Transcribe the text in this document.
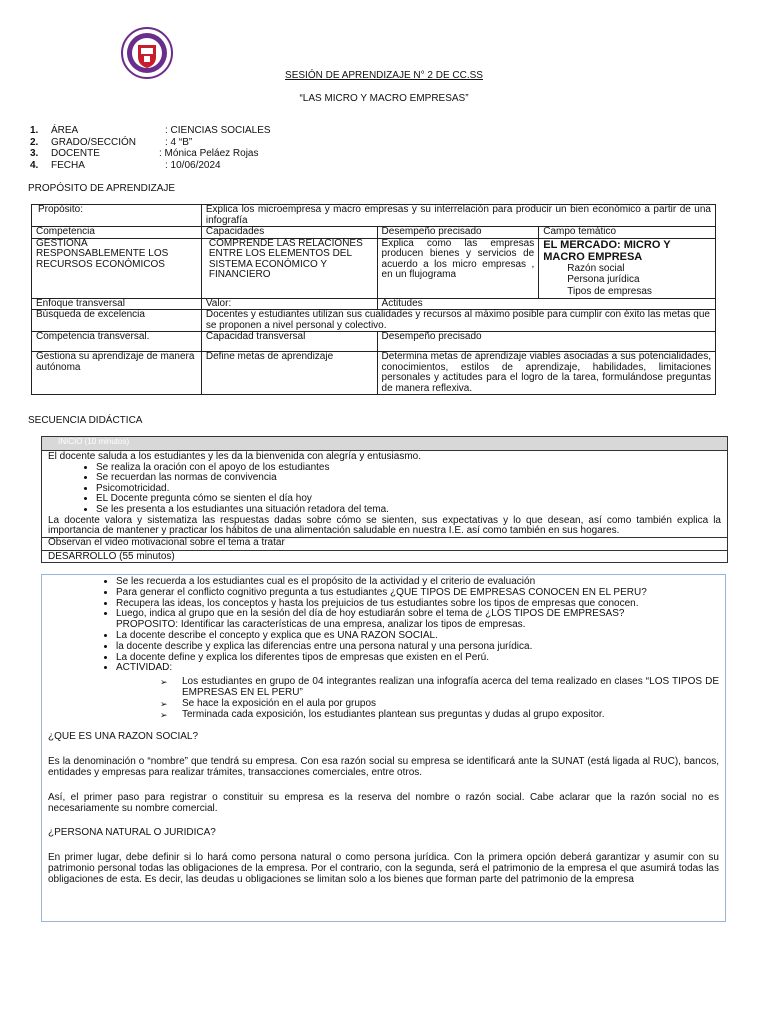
SESIÓN DE APRENDIZAJE N° 2 DE CC.SS
“LAS MICRO Y MACRO EMPRESAS”
1.	ÁREA	: CIENCIAS SOCIALES
2.	GRADO/SECCIÓN	: 4 “B”
3.	DOCENTE	: Mónica Peláez Rojas
4.	FECHA	: 10/06/2024
PROPÓSITO DE APRENDIZAJE
Propósito:	Explica los microempresa y macro empresas y su interrelación para producir un bien económico a partir de una infografía		
Competencia	Capacidades	Desempeño precisado	Campo temático
GESTIONA RESPONSABLEMENTE LOS RECURSOS ECONÓMICOS	COMPRENDE LAS RELACIONES ENTRE LOS ELEMENTOS DEL SISTEMA ECONÓMICO Y FINANCIERO	Explica como las empresas producen bienes y servicios de acuerdo a los micro empresas , en un flujograma	EL MERCADO: MICRO Y MACRO EMPRESA
Razón social
Persona jurídica
Tipos de empresas

Enfoque transversal	Valor:	Actitudes	
Búsqueda de excelencia	Docentes y estudiantes utilizan sus cualidades y recursos al máximo posible para cumplir con éxito las metas que se proponen a nivel personal y colectivo.		
Competencia transversal.	Capacidad transversal	Desempeño precisado	
Gestiona su aprendizaje de manera autónoma	Define metas de aprendizaje	Determina metas de aprendizaje viables asociadas a sus potencialidades, conocimientos, estilos de aprendizaje, habilidades, limitaciones personales y actitudes para el logro de la tarea, formulándose preguntas de manera reflexiva.	
SECUENCIA DIDÁCTICA
INICIO (10 minutos)
El docente saluda a los estudiantes y les da la bienvenida con alegría y entusiasmo.
• Se realiza la oración con el apoyo de los estudiantes
• Se recuerdan las normas de convivencia
• Psicomotricidad.
• EL Docente pregunta cómo se sienten el día hoy
• Se les presenta a los estudiantes una situación retadora del tema.
La docente valora y sistematiza las respuestas dadas sobre cómo se sienten, sus expectativas y lo que desean, así como también explica la importancia de mantener y practicar los hábitos de una alimentación saludable en nuestra I.E. así como también en sus hogares.
Observan el video motivacional sobre el tema a tratar
DESARROLLO (55 minutos)
• Se les recuerda a los estudiantes cual es el propósito de la actividad y el criterio de evaluación
• Para generar el conflicto cognitivo pregunta a tus estudiantes ¿QUE TIPOS DE EMPRESAS CONOCEN EN EL PERU?
• Recupera las ideas, los conceptos y hasta los prejuicios de tus estudiantes sobre los tipos de empresas que conocen.
• Luego, indica al grupo que en la sesión del día de hoy estudiarán sobre el tema de ¿LOS TIPOS DE EMPRESAS?
PROPOSITO: Identificar las características de una empresa, analizar los tipos de empresas.
• La docente describe el concepto y explica que es UNA RAZON SOCIAL.
• la docente describe y explica las diferencias entre una persona natural y una persona jurídica.
• La docente define y explica los diferentes tipos de empresas que existen en el Perú.
• ACTIVIDAD:
➢ Los estudiantes en grupo de 04 integrantes realizan una infografía acerca del tema realizado en clases “LOS TIPOS DE EMPRESAS EN EL PERU”
➢ Se hace la exposición en el aula por grupos
➢ Terminada cada exposición, los estudiantes plantean sus preguntas y dudas al grupo expositor.
¿QUE ES UNA RAZON SOCIAL?
Es la denominación o “nombre” que tendrá su empresa. Con esa razón social su empresa se identificará ante la SUNAT (está ligada al RUC), bancos, entidades y empresas para realizar trámites, transacciones comerciales, entre otros.
Así, el primer paso para registrar o constituir su empresa es la reserva del nombre o razón social. Cabe aclarar que la razón social no es necesariamente su nombre comercial.
¿PERSONA NATURAL O JURIDICA?
En primer lugar, debe definir si lo hará como persona natural o como persona jurídica. Con la primera opción deberá garantizar y asumir con su patrimonio personal todas las obligaciones de la empresa. Por el contrario, con la segunda, será el patrimonio de la empresa el que asumirá todas las obligaciones de esta. Es decir, las deudas u obligaciones se limitan solo a los bienes que forman parte del patrimonio de la empresa
